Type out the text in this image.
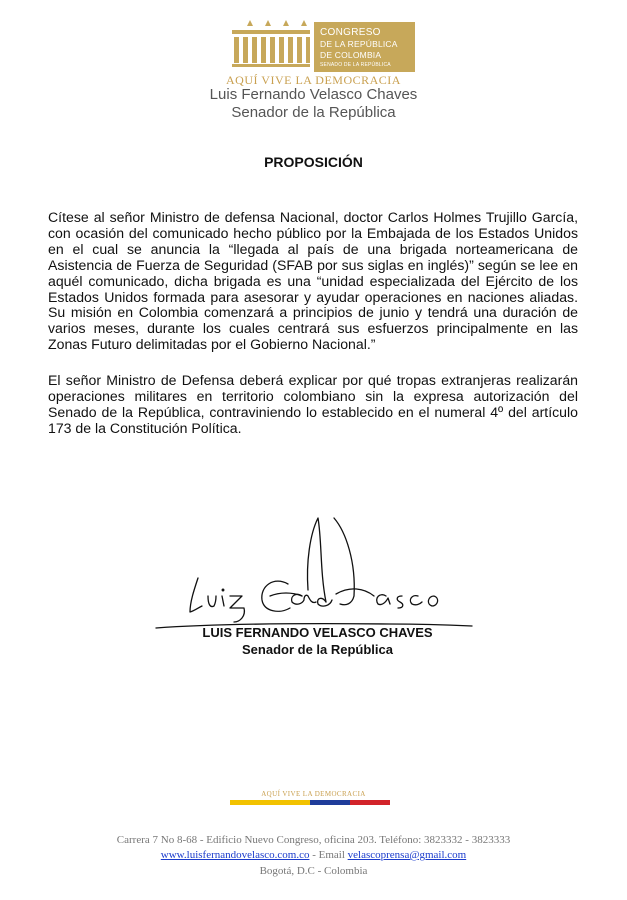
CONGRESO
DE LA REPÚBLICA
DE COLOMBIA
SENADO DE LA REPÚBLICA
AQUÍ VIVE LA DEMOCRACIA
Luis Fernando Velasco Chaves
Senador de la República
PROPOSICIÓN
Cítese al señor Ministro de defensa Nacional, doctor Carlos Holmes Trujillo García, con ocasión del comunicado hecho público por la Embajada de los Estados Unidos en el cual se anuncia la “llegada al país de una brigada norteamericana de Asistencia de Fuerza de Seguridad (SFAB por sus siglas en inglés)” según se lee en aquél comunicado, dicha brigada es una “unidad especializada del Ejército de los Estados Unidos formada para asesorar y ayudar operaciones en naciones aliadas. Su misión en Colombia comenzará a principios de junio y tendrá una duración de varios meses, durante los cuales centrará sus esfuerzos principalmente en las Zonas Futuro delimitadas por el Gobierno Nacional.”
El señor Ministro de Defensa deberá explicar por qué tropas extranjeras realizarán operaciones militares en territorio colombiano sin la expresa autorización del Senado de la República, contraviniendo lo establecido en el numeral 4º del artículo 173 de la Constitución Política.
LUIS FERNANDO VELASCO CHAVES
Senador de la República
AQUÍ VIVE LA DEMOCRACIA
Carrera 7 No 8-68 - Edificio Nuevo Congreso, oficina 203. Teléfono: 3823332 - 3823333
www.luisfernandovelasco.com.co - Email velascoprensa@gmail.com
Bogotá, D.C - Colombia
